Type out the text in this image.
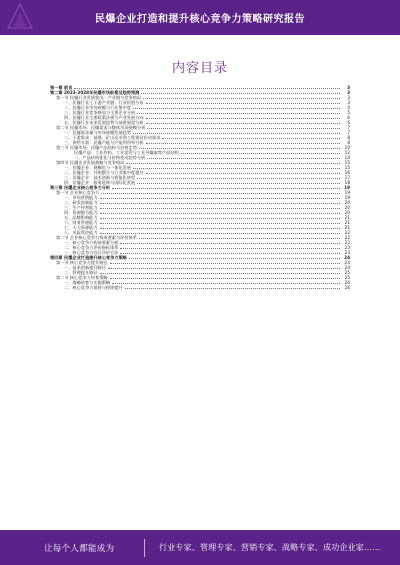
民爆企业打造和提升核心竞争力策略研究报告
内容目录
第一章 前言	3
第二章 2023-2028年民爆市场前景及趋势预测	3
第一节 民爆行业发展状况：产业链与竞争格局	3
一、民爆行业上下游产业链：行业价值分布	3
二、民爆行业市场规模与行业集中度	4
三、民爆行业竞争格局与主要企业分析	5
四、民爆行业主要政策法规与产业发展方向	6
五、民爆行业未来发展趋势与前景展望分析	6
第二节 民爆市场：民爆需求与整体市场规模分析	7
一、民爆需求量与市场规模发展趋势	7
二、下游需求：基建、矿山及水利工程建设拉动需求	8
三、供给方面：民爆产能与产能利用率分析	8
第三节 民爆市场：民爆产品结构与价格走势	10
民爆产品：工业炸药、工业雷管与工业导爆索等产品结构	12
一、产品结构优化与价格变动趋势分析	14
第四节 民爆企业发展战略与竞争格局	15
一、民爆企业：规模化与一体化发展	15
二、民爆企业：并购整合与行业集中度提升	16
三、民爆企业：技术创新与智能化转型	17
四、民爆企业：服务延伸与国际化发展	18
第三章 民爆企业核心竞争力分析	19
第一节 企业核心竞争力	19
一、市场营销能力	19
二、研发创新能力	20
三、生产经营能力	20
四、资源整合能力	20
五、品牌影响能力	21
六、财务管理能力	21
七、人力资源能力	21
八、风险管控能力	22
第二节 企业核心竞争力构成要素与评价体系	22
一、核心竞争力构成要素分析	22
二、核心竞争力评价指标体系	23
三、核心竞争力综合评价方法	23
第四章 民爆企业打造提升核心竞争力策略	24
第一节 核心竞争力提升路径	24
一、技术创新提升路径	24
二、管理提升路径	25
第二节 核心竞争力培育策略	25
一、战略培育与实施策略	26
二、核心竞争力保持与持续提升	26
让每个人都能成为	行业专家、管理专家、营销专家、战略专家、成功企业家……
